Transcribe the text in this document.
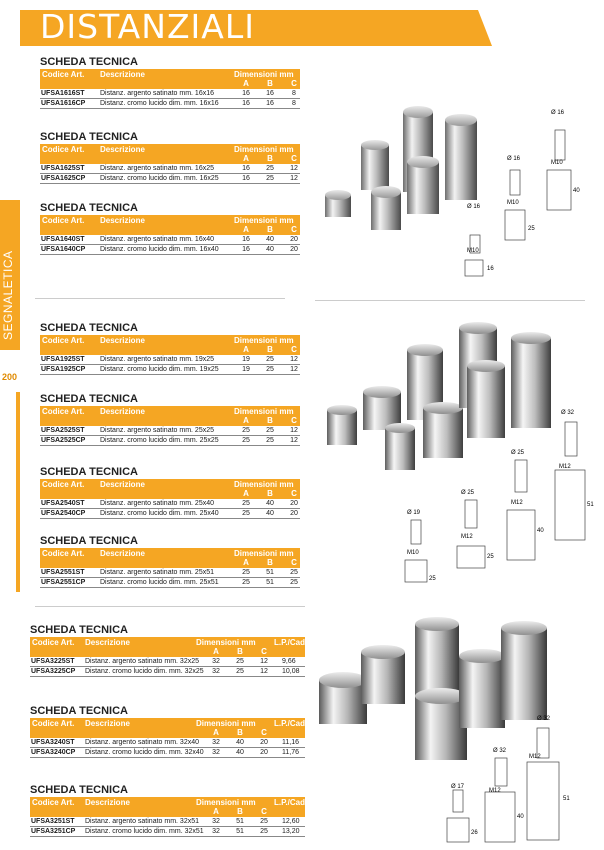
DISTANZIALI
SEGNALETICA
200
SCHEDA TECNICA
Codice Art. Descrizione	Dimensioni mm
A	B	C
UFSA1616ST Distanz. argento satinato mm. 16x16	16	16	8
UFSA1616CP Distanz. cromo lucido dim. mm. 16x16	16	16	8
SCHEDA TECNICA
Codice Art. Descrizione	Dimensioni mm
A	B	C
UFSA1625ST Distanz. argento satinato mm. 16x25	16	25	12
UFSA1625CP Distanz. cromo lucido dim. mm. 16x25	16	25	12
SCHEDA TECNICA
Codice Art. Descrizione	Dimensioni mm
A	B	C
UFSA1640ST Distanz. argento satinato mm. 16x40	16	40	20
UFSA1640CP Distanz. cromo lucido dim. mm. 16x40	16	40	20
SCHEDA TECNICA
Codice Art. Descrizione	Dimensioni mm
A	B	C
UFSA1925ST Distanz. argento satinato mm. 19x25	19	25	12
UFSA1925CP Distanz. cromo lucido dim. mm. 19x25	19	25	12
SCHEDA TECNICA
Codice Art. Descrizione	Dimensioni mm
A	B	C
UFSA2525ST Distanz. argento satinato mm. 25x25	25	25	12
UFSA2525CP Distanz. cromo lucido dim. mm. 25x25	25	25	12
SCHEDA TECNICA
Codice Art. Descrizione	Dimensioni mm
A	B	C
UFSA2540ST Distanz. argento satinato mm. 25x40	25	40	20
UFSA2540CP Distanz. cromo lucido dim. mm. 25x40	25	40	20
SCHEDA TECNICA
Codice Art. Descrizione	Dimensioni mm
A	B	C
UFSA2551ST Distanz. argento satinato mm. 25x51	25	51	25
UFSA2551CP Distanz. cromo lucido dim. mm. 25x51	25	51	25
SCHEDA TECNICA
Codice Art. Descrizione	Dimensioni mm L.P./Cad
A	B	C
UFSA3225ST Distanz. argento satinato mm. 32x25	32	25	12	9,66
UFSA3225CP Distanz. cromo lucido dim. mm. 32x25	32	25	12	10,08
SCHEDA TECNICA
Codice Art. Descrizione	Dimensioni mm L.P./Cad
A	B	C
UFSA3240ST Distanz. argento satinato mm. 32x40	32	40	20	11,16
UFSA3240CP Distanz. cromo lucido dim. mm. 32x40	32	40	20	11,76
SCHEDA TECNICA
Codice Art. Descrizione	Dimensioni mm L.P./Cad
A	B	C
UFSA3251ST Distanz. argento satinato mm. 32x51	32	51	25	12,60
UFSA3251CP Distanz. cromo lucido dim. mm. 32x51	32	51	25	13,20
Ø 16
M10
40
Ø 16
M10
25
Ø 16
M10
16
Ø 32
M12
51
Ø 25
M12
40
Ø 25
M12
25
Ø 19
M10
25
Ø 32
M12
51
Ø 32
M12
40
Ø 17
26
